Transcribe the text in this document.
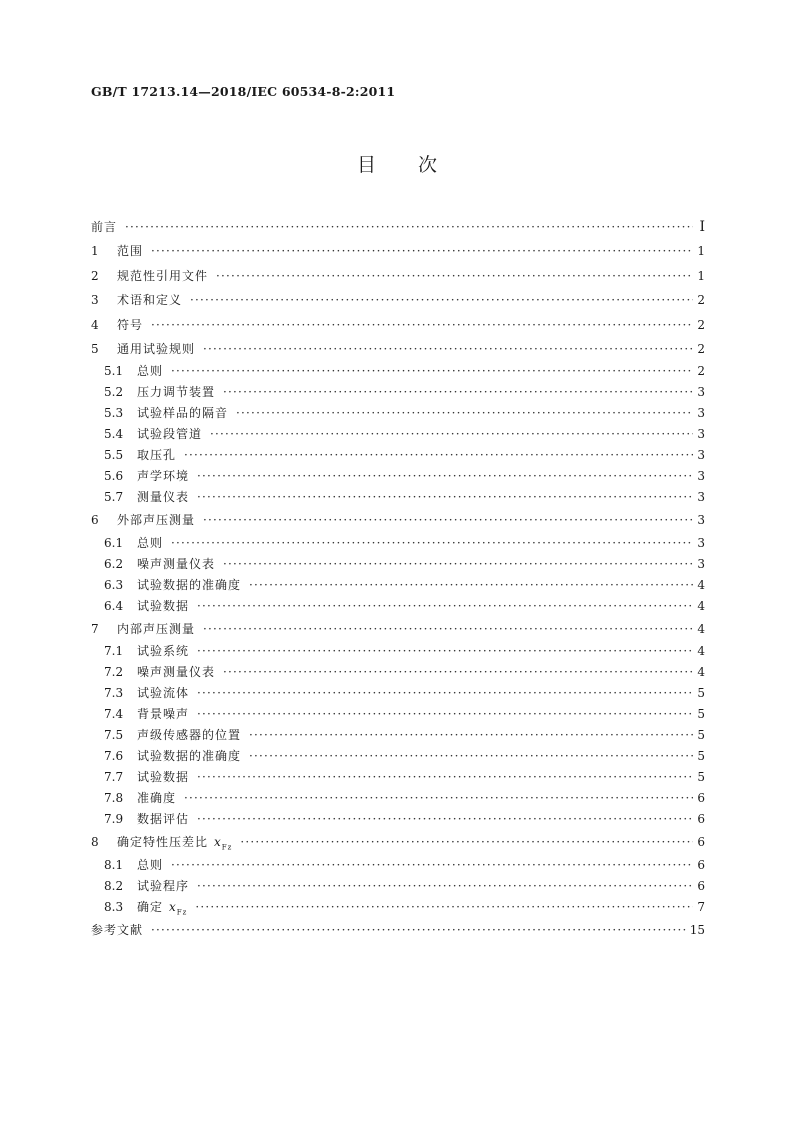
GB/T 17213.14—2018/IEC 60534-8-2:2011
目 次
前言 ·····	Ⅰ
1	范围 ·····	1
2	规范性引用文件 ·····	1
3	术语和定义 ·····	2
4	符号 ·····	2
5	通用试验规则 ·····	2
5.1	总则 ·····	2
5.2	压力调节装置 ·····	3
5.3	试验样品的隔音 ·····	3
5.4	试验段管道 ·····	3
5.5	取压孔 ·····	3
5.6	声学环境 ·····	3
5.7	测量仪表 ·····	3
6	外部声压测量 ·····	3
6.1	总则 ·····	3
6.2	噪声测量仪表 ·····	3
6.3	试验数据的准确度 ·····	4
6.4	试验数据 ·····	4
7	内部声压测量 ·····	4
7.1	试验系统 ·····	4
7.2	噪声测量仪表 ·····	4
7.3	试验流体 ·····	5
7.4	背景噪声 ·····	5
7.5	声级传感器的位置 ·····	5
7.6	试验数据的准确度 ·····	5
7.7	试验数据 ·····	5
7.8	准确度 ·····	6
7.9	数据评估 ·····	6
8	确定特性压差比 $x_{Fz}$ ·····	6
8.1	总则 ·····	6
8.2	试验程序 ·····	6
8.3	确定 $x_{Fz}$ ·····	7
参考文献 ·····	15
